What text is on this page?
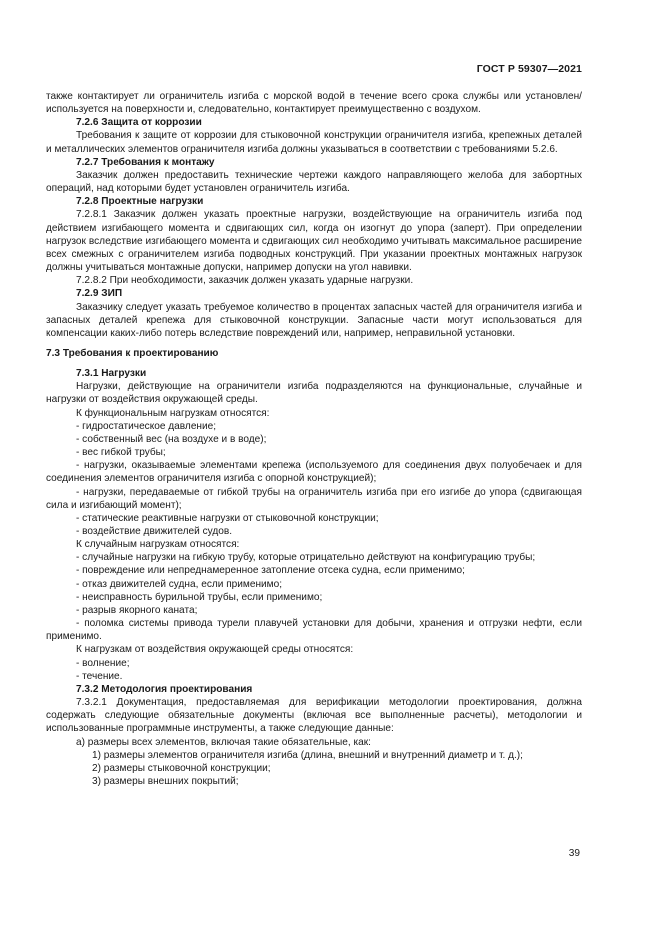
ГОСТ Р 59307—2021
также контактирует ли ограничитель изгиба с морской водой в течение всего срока службы или установлен/используется на поверхности и, следовательно, контактирует преимущественно с воздухом.
7.2.6 Защита от коррозии
Требования к защите от коррозии для стыковочной конструкции ограничителя изгиба, крепежных деталей и металлических элементов ограничителя изгиба должны указываться в соответствии с требованиями 5.2.6.
7.2.7 Требования к монтажу
Заказчик должен предоставить технические чертежи каждого направляющего желоба для забортных операций, над которыми будет установлен ограничитель изгиба.
7.2.8 Проектные нагрузки
7.2.8.1 Заказчик должен указать проектные нагрузки, воздействующие на ограничитель изгиба под действием изгибающего момента и сдвигающих сил, когда он изогнут до упора (заперт). При определении нагрузок вследствие изгибающего момента и сдвигающих сил необходимо учитывать максимальное расширение всех смежных с ограничителем изгиба подводных конструкций. При указании проектных монтажных нагрузок должны учитываться монтажные допуски, например допуски на угол навивки.
7.2.8.2 При необходимости, заказчик должен указать ударные нагрузки.
7.2.9 ЗИП
Заказчику следует указать требуемое количество в процентах запасных частей для ограничителя изгиба и запасных деталей крепежа для стыковочной конструкции. Запасные части могут использоваться для компенсации каких-либо потерь вследствие повреждений или, например, неправильной установки.
7.3 Требования к проектированию
7.3.1 Нагрузки
Нагрузки, действующие на ограничители изгиба подразделяются на функциональные, случайные и нагрузки от воздействия окружающей среды.
К функциональным нагрузкам относятся:
- гидростатическое давление;
- собственный вес (на воздухе и в воде);
- вес гибкой трубы;
- нагрузки, оказываемые элементами крепежа (используемого для соединения двух полуобечаек и для соединения элементов ограничителя изгиба с опорной конструкцией);
- нагрузки, передаваемые от гибкой трубы на ограничитель изгиба при его изгибе до упора (сдвигающая сила и изгибающий момент);
- статические реактивные нагрузки от стыковочной конструкции;
- воздействие движителей судов.
К случайным нагрузкам относятся:
- случайные нагрузки на гибкую трубу, которые отрицательно действуют на конфигурацию трубы;
- повреждение или непреднамеренное затопление отсека судна, если применимо;
- отказ движителей судна, если применимо;
- неисправность бурильной трубы, если применимо;
- разрыв якорного каната;
- поломка системы привода турели плавучей установки для добычи, хранения и отгрузки нефти, если применимо.
К нагрузкам от воздействия окружающей среды относятся:
- волнение;
- течение.
7.3.2 Методология проектирования
7.3.2.1 Документация, предоставляемая для верификации методологии проектирования, должна содержать следующие обязательные документы (включая все выполненные расчеты), методологии и использованные программные инструменты, а также следующие данные:
а) размеры всех элементов, включая такие обязательные, как:
1) размеры элементов ограничителя изгиба (длина, внешний и внутренний диаметр и т. д.);
2) размеры стыковочной конструкции;
3) размеры внешних покрытий;
39
